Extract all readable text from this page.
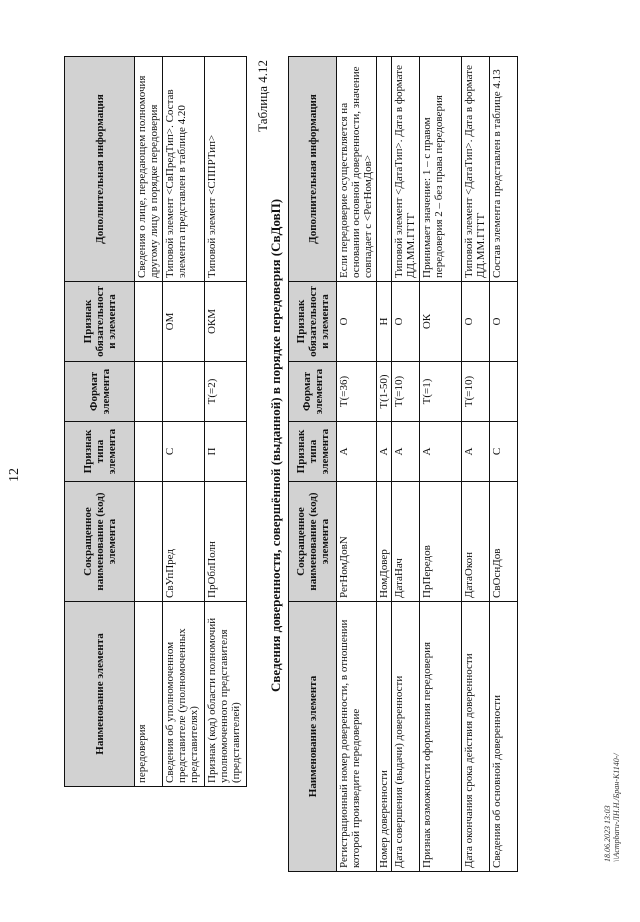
12
Наименование элемента	Сокращенное наименование (код) элемента	Признак типа элемента	Формат элемента	Признак обязательности элемента	Дополнительная информация
передоверия					Сведения о лице, передающем полномочия другому лицу в порядке передоверия
Сведения об уполномоченном представителе (уполномоченных представителях)	СвУпПред	С		ОМ	Типовой элемент <СвПредТип>. Состав элемента представлен в таблице 4.20
Признак (код) области полномочий уполномоченного представителя (представителей)	ПрОблПолн	П	T(=2)	ОКМ	Типовой элемент <СППРТип>
Таблица 4.12
Сведения доверенности, совершённой (выданной) в порядке передоверия (СвДовП)
Наименование элемента	Сокращенное наименование (код) элемента	Признак типа элемента	Формат элемента	Признак обязательности элемента	Дополнительная информация
Регистрационный номер доверенности, в отношении которой произведите передоверие	РегНомДовN	А	T(=36)	О	Если передоверие осуществляется на основании основной доверенности, значение совпадает с <РегНомДов>
Номер доверенности	НомДовер	А	T(1-50)	Н	
Дата совершения (выдачи) доверенности	ДатаНач	А	T(=10)	О	Типовой элемент <ДатаТип>. Дата в формате ДД.ММ.ГГГГ
Признак возможности оформления передоверия	ПрПередов	А	T(=1)	ОК	Принимает значение: 1 – с правом передоверия 2 – без права передоверия
Дата окончания срока действия доверенности	ДатаОкон	А	T(=10)	О	Типовой элемент <ДатаТип>. Дата в формате ДД.ММ.ГГГГ
Сведения об основной доверенности	СвОснДов	С		О	Состав элемента представлен в таблице 4.13
18.06.2023 13:03 \\Acmpbaru-ЛН.Н./Бран-К1140-/
